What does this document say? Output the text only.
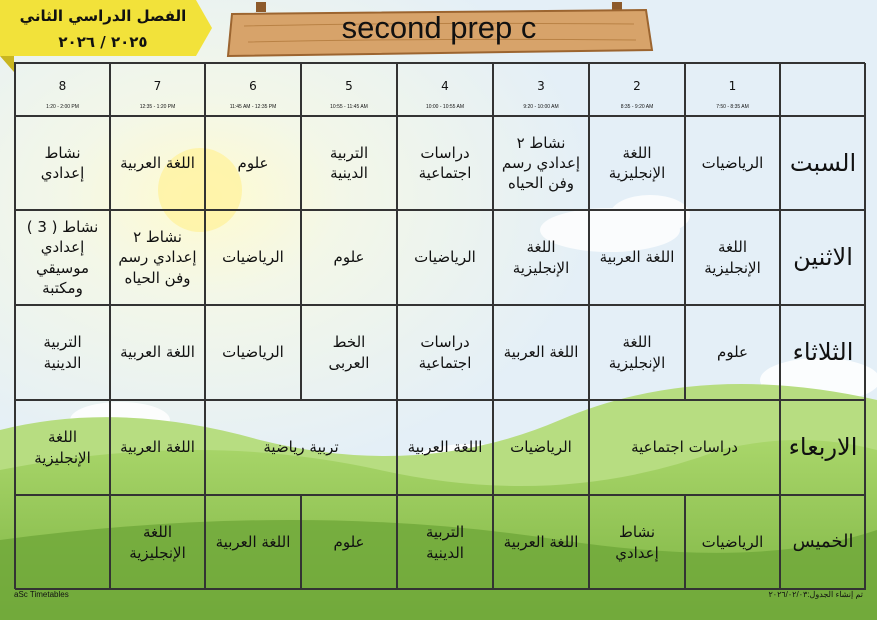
الفصل الدراسي الثاني
٢٠٢٥ / ٢٠٢٦	second prep c
1
7:50 - 8:35 AM
2
8:35 - 9:20 AM
3
9:20 - 10:00 AM
4
10:00 - 10:55 AM
5
10:55 - 11:45 AM
6
11:45 AM - 12:35 PM
7
12:35 - 1:20 PM
8
1:20 - 2:00 PM
السبت
الرياضيات
اللغة
الإنجليزية
نشاط ٢
إعدادي رسم
وفن الحياه
دراسات
اجتماعية
التربية
الدينية
علوم
اللغة العربية
نشاط
إعدادي
الاثنين
اللغة
الإنجليزية
اللغة العربية
اللغة
الإنجليزية
الرياضيات
علوم
الرياضيات
نشاط ٢
إعدادي رسم
وفن الحياه
نشاط ( 3 )
إعدادي
موسيقي
ومكتبة
الثلاثاء
علوم
اللغة
الإنجليزية
اللغة العربية
دراسات
اجتماعية
الخط
العربى
الرياضيات
اللغة العربية
التربية
الدينية
الاربعاء
دراسات اجتماعية
الرياضيات
اللغة العربية
تربية رياضية
اللغة العربية
اللغة
الإنجليزية
الخميس
الرياضيات
نشاط
إعدادي
اللغة العربية
التربية
الدينية
علوم
اللغة العربية
اللغة
الإنجليزية
aSc Timetables	تم إنشاء الجدول:٢٠٢٦/٠٢/٠٣
